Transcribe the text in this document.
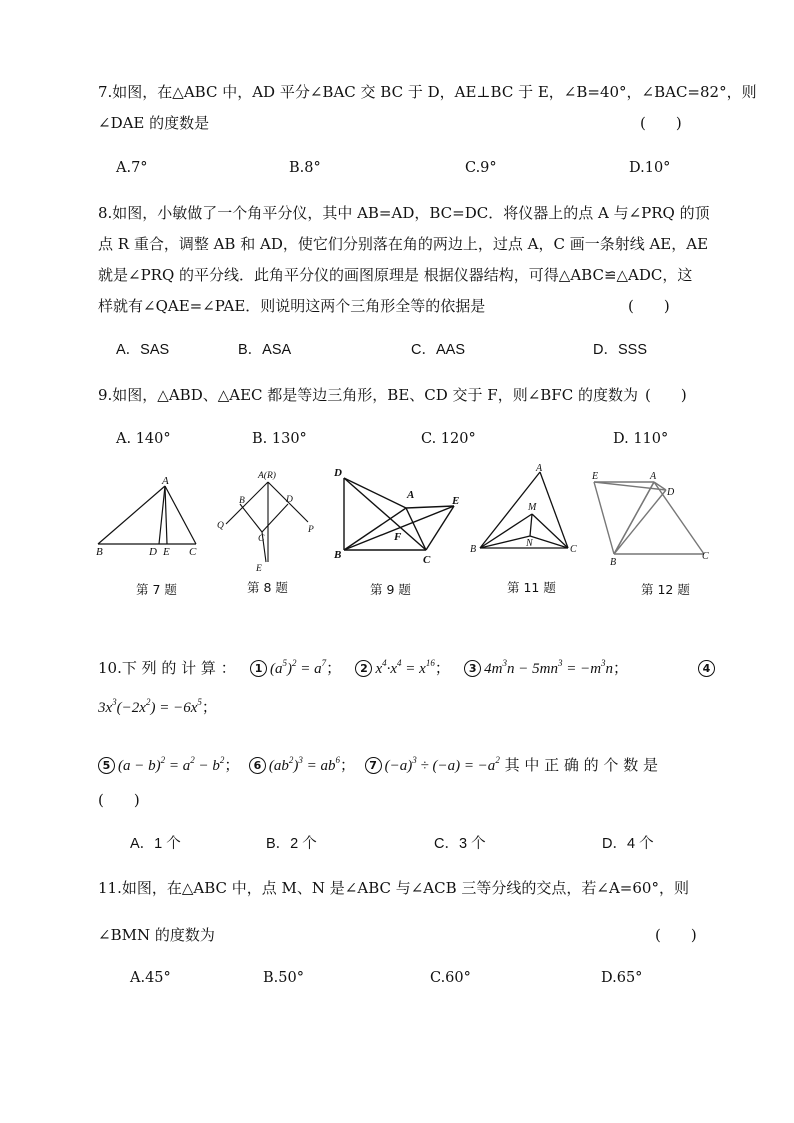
7.如图，在△ABC 中，AD 平分∠BAC 交 BC 于 D，AE⊥BC 于 E，∠B=40°，∠BAC=82°，则
∠DAE 的度数是	(　　)
A.7°	B.8°	C.9°	D.10°
8.如图，小敏做了一个角平分仪，其中 AB=AD，BC=DC．将仪器上的点 A 与∠PRQ 的顶
点 R 重合，调整 AB 和 AD，使它们分别落在角的两边上，过点 A，C 画一条射线 AE，AE
就是∠PRQ 的平分线．此角平分仪的画图原理是 根据仪器结构，可得△ABC≌△ADC，这
样就有∠QAE=∠PAE．则说明这两个三角形全等的依据是	(　　)
A．SAS	B．ASA	C．AAS	D．SSS
9.如图，△ABD、△AEC 都是等边三角形，BE、CD 交于 F，则∠BFC 的度数为 (　　)
A. 140°	B. 130°	C. 120°	D. 110°
A
B	D E C
第 7 题
A(R)
B	D
Q	P
C
E
第 8 题
D
A	E
F
B	C
第 9 题
A
M
N
B	C
第 11 题
E	A
D
B
C
第 12 题
10.下 列 的 计 算 ： 1 $(a^5)^2 = a^7$；   2 $x^4\cdot x^4 = x^{16}$；   3 $4m^3n - 5mn^3 = -m^3n$；	4
$3x^3(-2x^2) = -6x^5$；
5 $(a - b)^2 = a^2 - b^2$；  6 $(ab^2)^3 = ab^6$；  7 $(-a)^3 \div (-a) = -a^2$ 其 中 正 确 的 个 数 是
(　　)
A．1 个	B．2 个	C．3 个	D．4 个
11.如图，在△ABC 中，点 M、N 是∠ABC 与∠ACB 三等分线的交点，若∠A=60°，则
∠BMN 的度数为	(　　)
A.45°	B.50°	C.60°	D.65°
